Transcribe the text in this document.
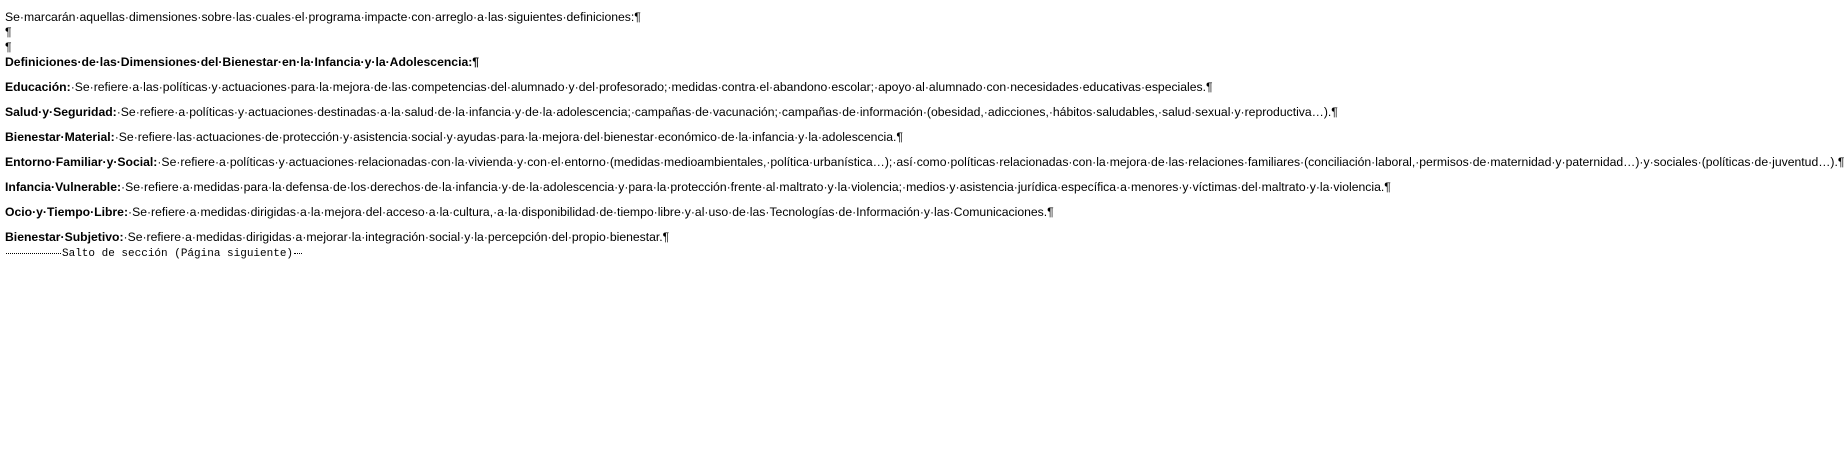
Se·marcarán·aquellas·dimensiones·sobre·las·cuales·el·programa·impacte·con·arreglo·a·las·siguientes·definiciones:¶

¶
¶

Definiciones·de·las·Dimensiones·del·Bienestar·en·la·Infancia·y·la·Adolescencia:¶

Educación:·Se·refiere·a·las·políticas·y·actuaciones·para·la·mejora·de·las·competencias·del·alumnado·y·del·profesorado;·medidas·contra·el·abandono·escolar;·apoyo·al·alumnado·con·necesidades·educativas·especiales.¶

Salud·y·Seguridad:·Se·refiere·a·políticas·y·actuaciones·destinadas·a·la·salud·de·la·infancia·y·de·la·adolescencia;·campañas·de·vacunación;·campañas·de·información·(obesidad,·adicciones,·hábitos·saludables,·salud·sexual·y·reproductiva…).¶

Bienestar·Material:·Se·refiere·las·actuaciones·de·protección·y·asistencia·social·y·ayudas·para·la·mejora·del·bienestar·económico·de·la·infancia·y·la·adolescencia.¶

Entorno·Familiar·y·Social:·Se·refiere·a·políticas·y·actuaciones·relacionadas·con·la·vivienda·y·con·el·entorno·(medidas·medioambientales,·política·urbanística…);·así·como·políticas·relacionadas·con·la·mejora·de·las·relaciones·familiares·(conciliación·laboral,·permisos·de·maternidad·y·paternidad…)·y·sociales·(políticas·de·juventud…).¶

Infancia·Vulnerable:·Se·refiere·a·medidas·para·la·defensa·de·los·derechos·de·la·infancia·y·de·la·adolescencia·y·para·la·protección·frente·al·maltrato·y·la·violencia;·medios·y·asistencia·jurídica·específica·a·menores·y·víctimas·del·maltrato·y·la·violencia.¶

Ocio·y·Tiempo·Libre:·Se·refiere·a·medidas·dirigidas·a·la·mejora·del·acceso·a·la·cultura,·a·la·disponibilidad·de·tiempo·libre·y·al·uso·de·las·Tecnologías·de·Información·y·las·Comunicaciones.¶

Bienestar·Subjetivo:·Se·refiere·a·medidas·dirigidas·a·mejorar·la·integración·social·y·la·percepción·del·propio·bienestar.¶Salto de sección (Página siguiente)
